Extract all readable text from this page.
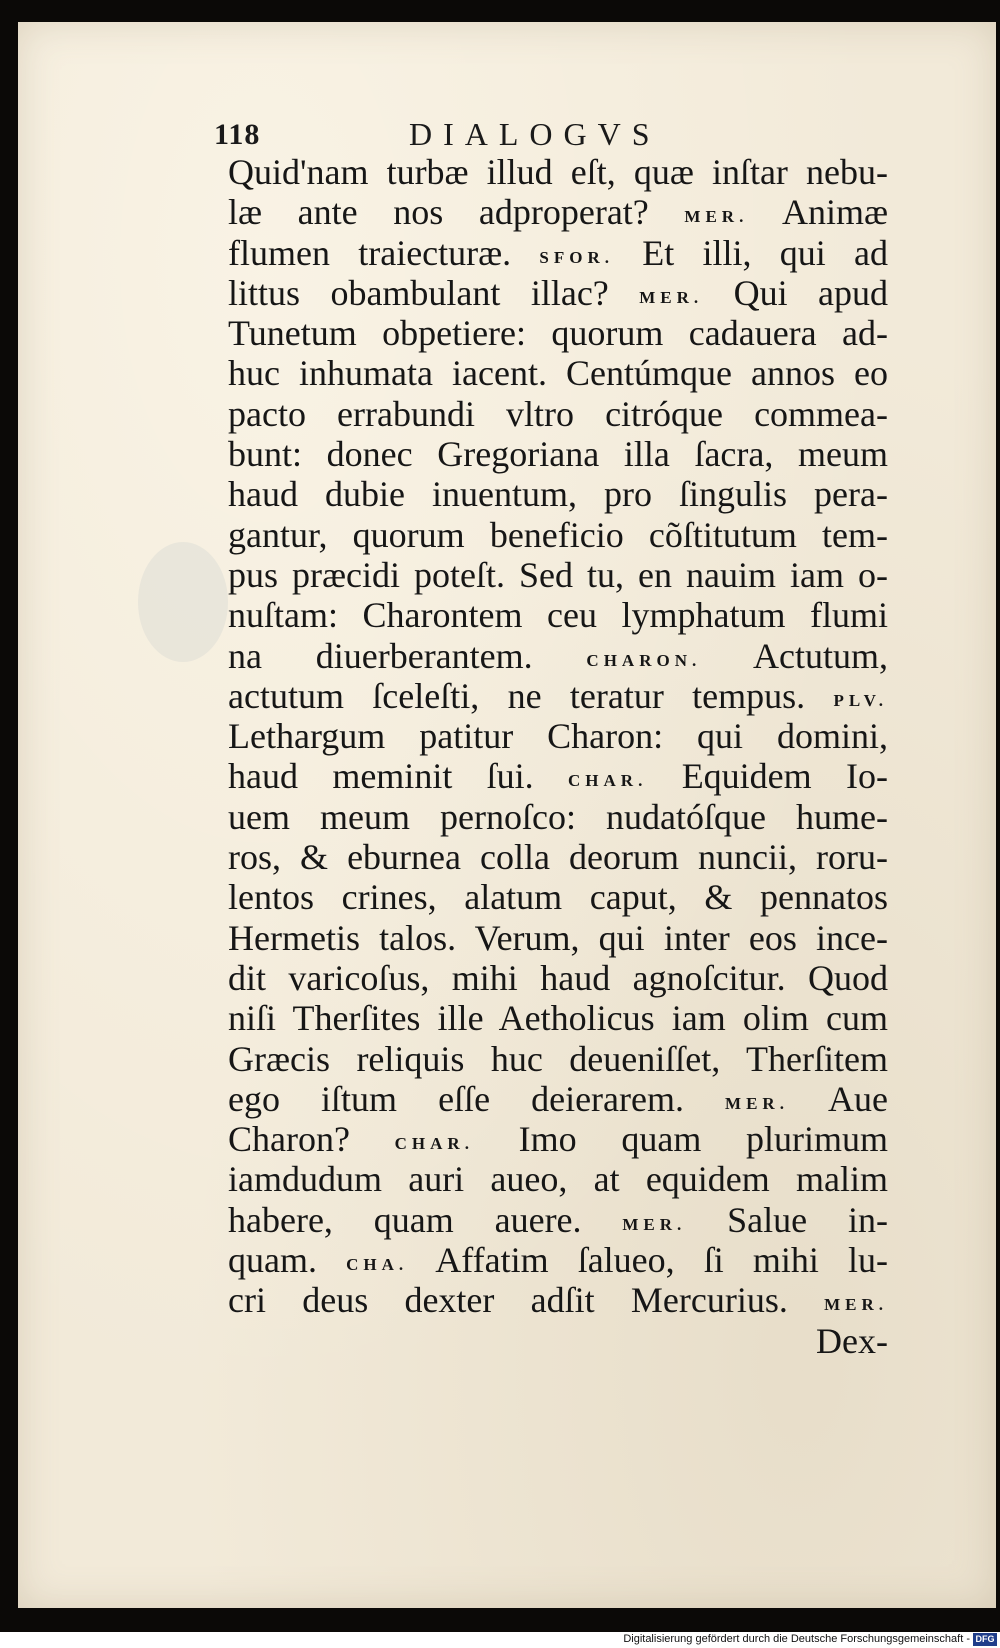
118	DIALOGVS
Quid'nam turbæ illud eſt, quæ inſtar nebu-
læ ante nos adproperat? MER. Animæ
flumen traiecturæ. SFOR. Et illi, qui ad
littus obambulant illac? MER. Qui apud
Tunetum obpetiere: quorum cadauera ad-
huc inhumata iacent. Centúmque annos eo
pacto errabundi vltro citróque commea-
bunt: donec Gregoriana illa ſacra, meum
haud dubie inuentum, pro ſingulis pera-
gantur, quorum beneficio cõſtitutum tem-
pus præcidi poteſt. Sed tu, en nauim iam o-
nuſtam: Charontem ceu lymphatum flumi
na diuerberantem. CHARON. Actutum,
actutum ſceleſti, ne teratur tempus. PLV.
Lethargum patitur Charon: qui domini,
haud meminit ſui. CHAR. Equidem Io-
uem meum pernoſco: nudatóſque hume-
ros, & eburnea colla deorum nuncii, roru-
lentos crines, alatum caput, & pennatos
Hermetis talos. Verum, qui inter eos ince-
dit varicoſus, mihi haud agnoſcitur. Quod
niſi Therſites ille Aetholicus iam olim cum
Græcis reliquis huc deueniſſet, Therſitem
ego iſtum eſſe deierarem. MER. Aue
Charon? CHAR. Imo quam plurimum
iamdudum auri aueo, at equidem malim
habere, quam auere. MER. Salue in-
quam. CHA. Affatim ſalueo, ſi mihi lu-
cri deus dexter adſit Mercurius. MER.
Dex-
Digitalisierung gefördert durch die Deutsche Forschungsgemeinschaft - DFG
